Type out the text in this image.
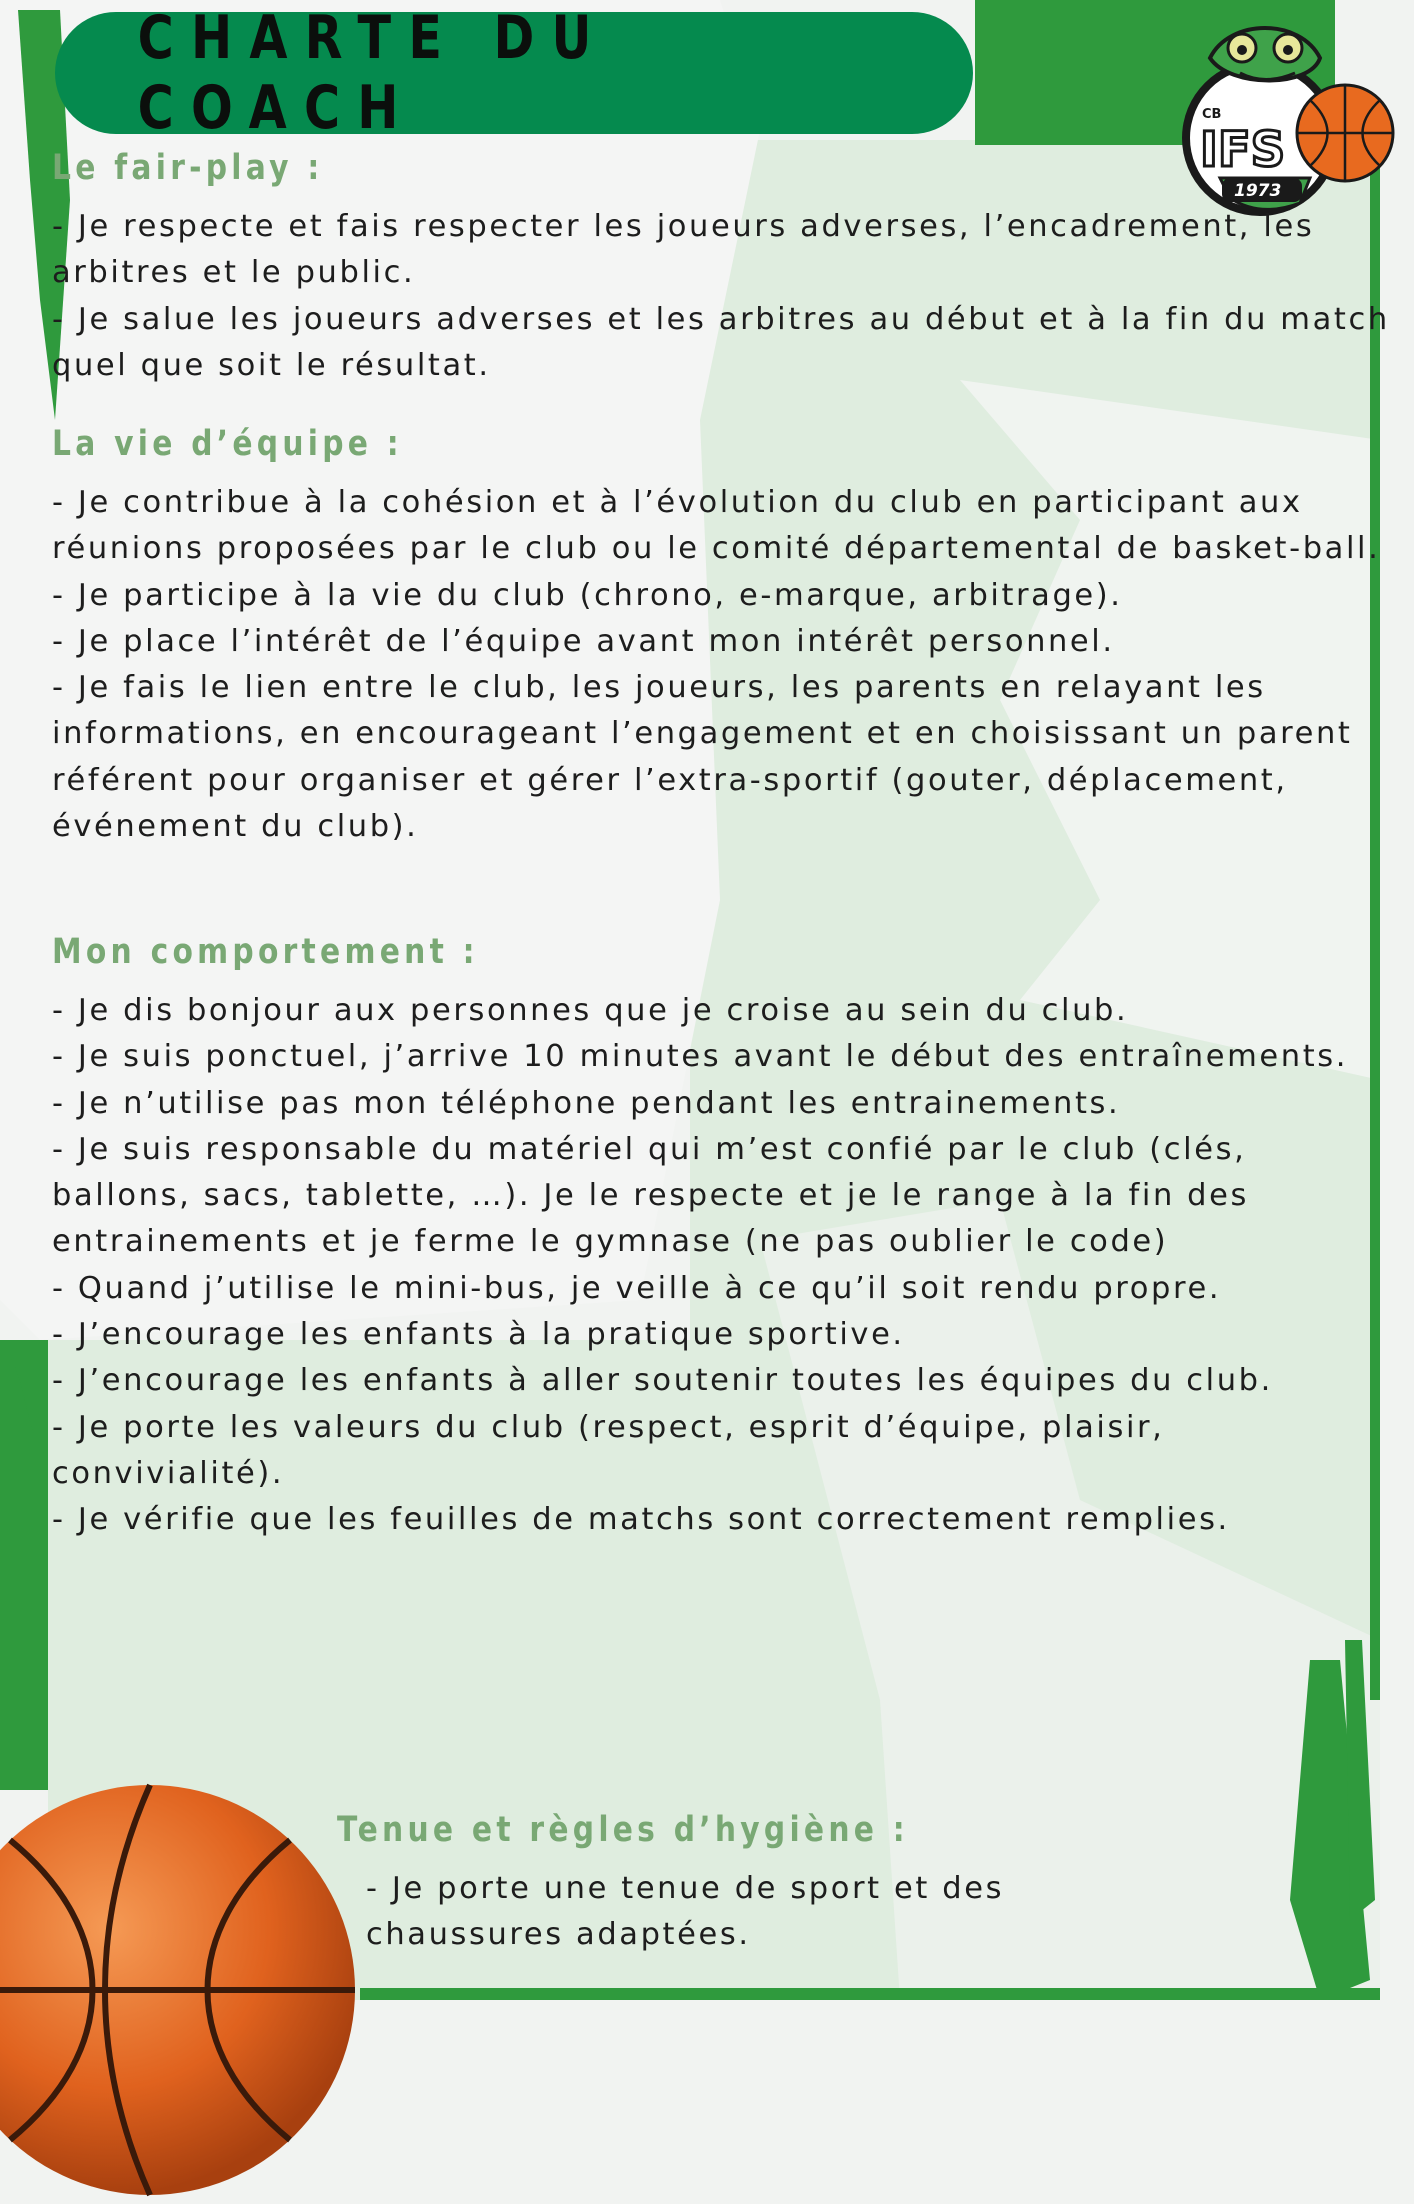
CHARTE DU COACH	CB
IFS
1973
Le fair-play :
- Je respecte et fais respecter les joueurs adverses, l’encadrement, les arbitres et le public.
- Je salue les joueurs adverses et les arbitres au début et à la fin du match quel que soit le résultat.
La vie d’équipe :
- Je contribue à la cohésion et à l’évolution du club en participant aux réunions proposées par le club ou le comité départemental de basket-ball.
- Je participe à la vie du club (chrono, e-marque, arbitrage).
- Je place l’intérêt de l’équipe avant mon intérêt personnel.
- Je fais le lien entre le club, les joueurs, les parents en relayant les informations, en encourageant l’engagement et en choisissant un parent référent pour organiser et gérer l’extra-sportif (gouter, déplacement, événement du club).
Mon comportement :
- Je dis bonjour aux personnes que je croise au sein du club.
- Je suis ponctuel, j’arrive 10 minutes avant le début des entraînements.
- Je n’utilise pas mon téléphone pendant les entrainements.
- Je suis responsable du matériel qui m’est confié par le club (clés, ballons, sacs, tablette, …). Je le respecte et je le range à la fin des entrainements et je ferme le gymnase (ne pas oublier le code)
- Quand j’utilise le mini-bus, je veille à ce qu’il soit rendu propre.
- J’encourage les enfants à la pratique sportive.
- J’encourage les enfants à aller soutenir toutes les équipes du club.
- Je porte les valeurs du club (respect, esprit d’équipe, plaisir, convivialité).
- Je vérifie que les feuilles de matchs sont correctement remplies.
Tenue et règles d’hygiène :
- Je porte une tenue de sport et des chaussures adaptées.
